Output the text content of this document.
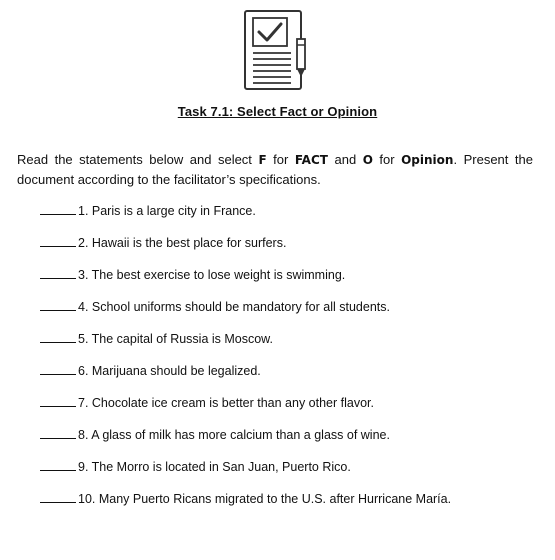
Task 7.1: Select Fact or Opinion
Read the statements below and select F for FACT and O for Opinion. Present the document according to the facilitator’s specifications.
1. Paris is a large city in France.
2. Hawaii is the best place for surfers.
3. The best exercise to lose weight is swimming.
4. School uniforms should be mandatory for all students.
5. The capital of Russia is Moscow.
6. Marijuana should be legalized.
7. Chocolate ice cream is better than any other flavor.
8. A glass of milk has more calcium than a glass of wine.
9. The Morro is located in San Juan, Puerto Rico.
10. Many Puerto Ricans migrated to the U.S. after Hurricane María.
